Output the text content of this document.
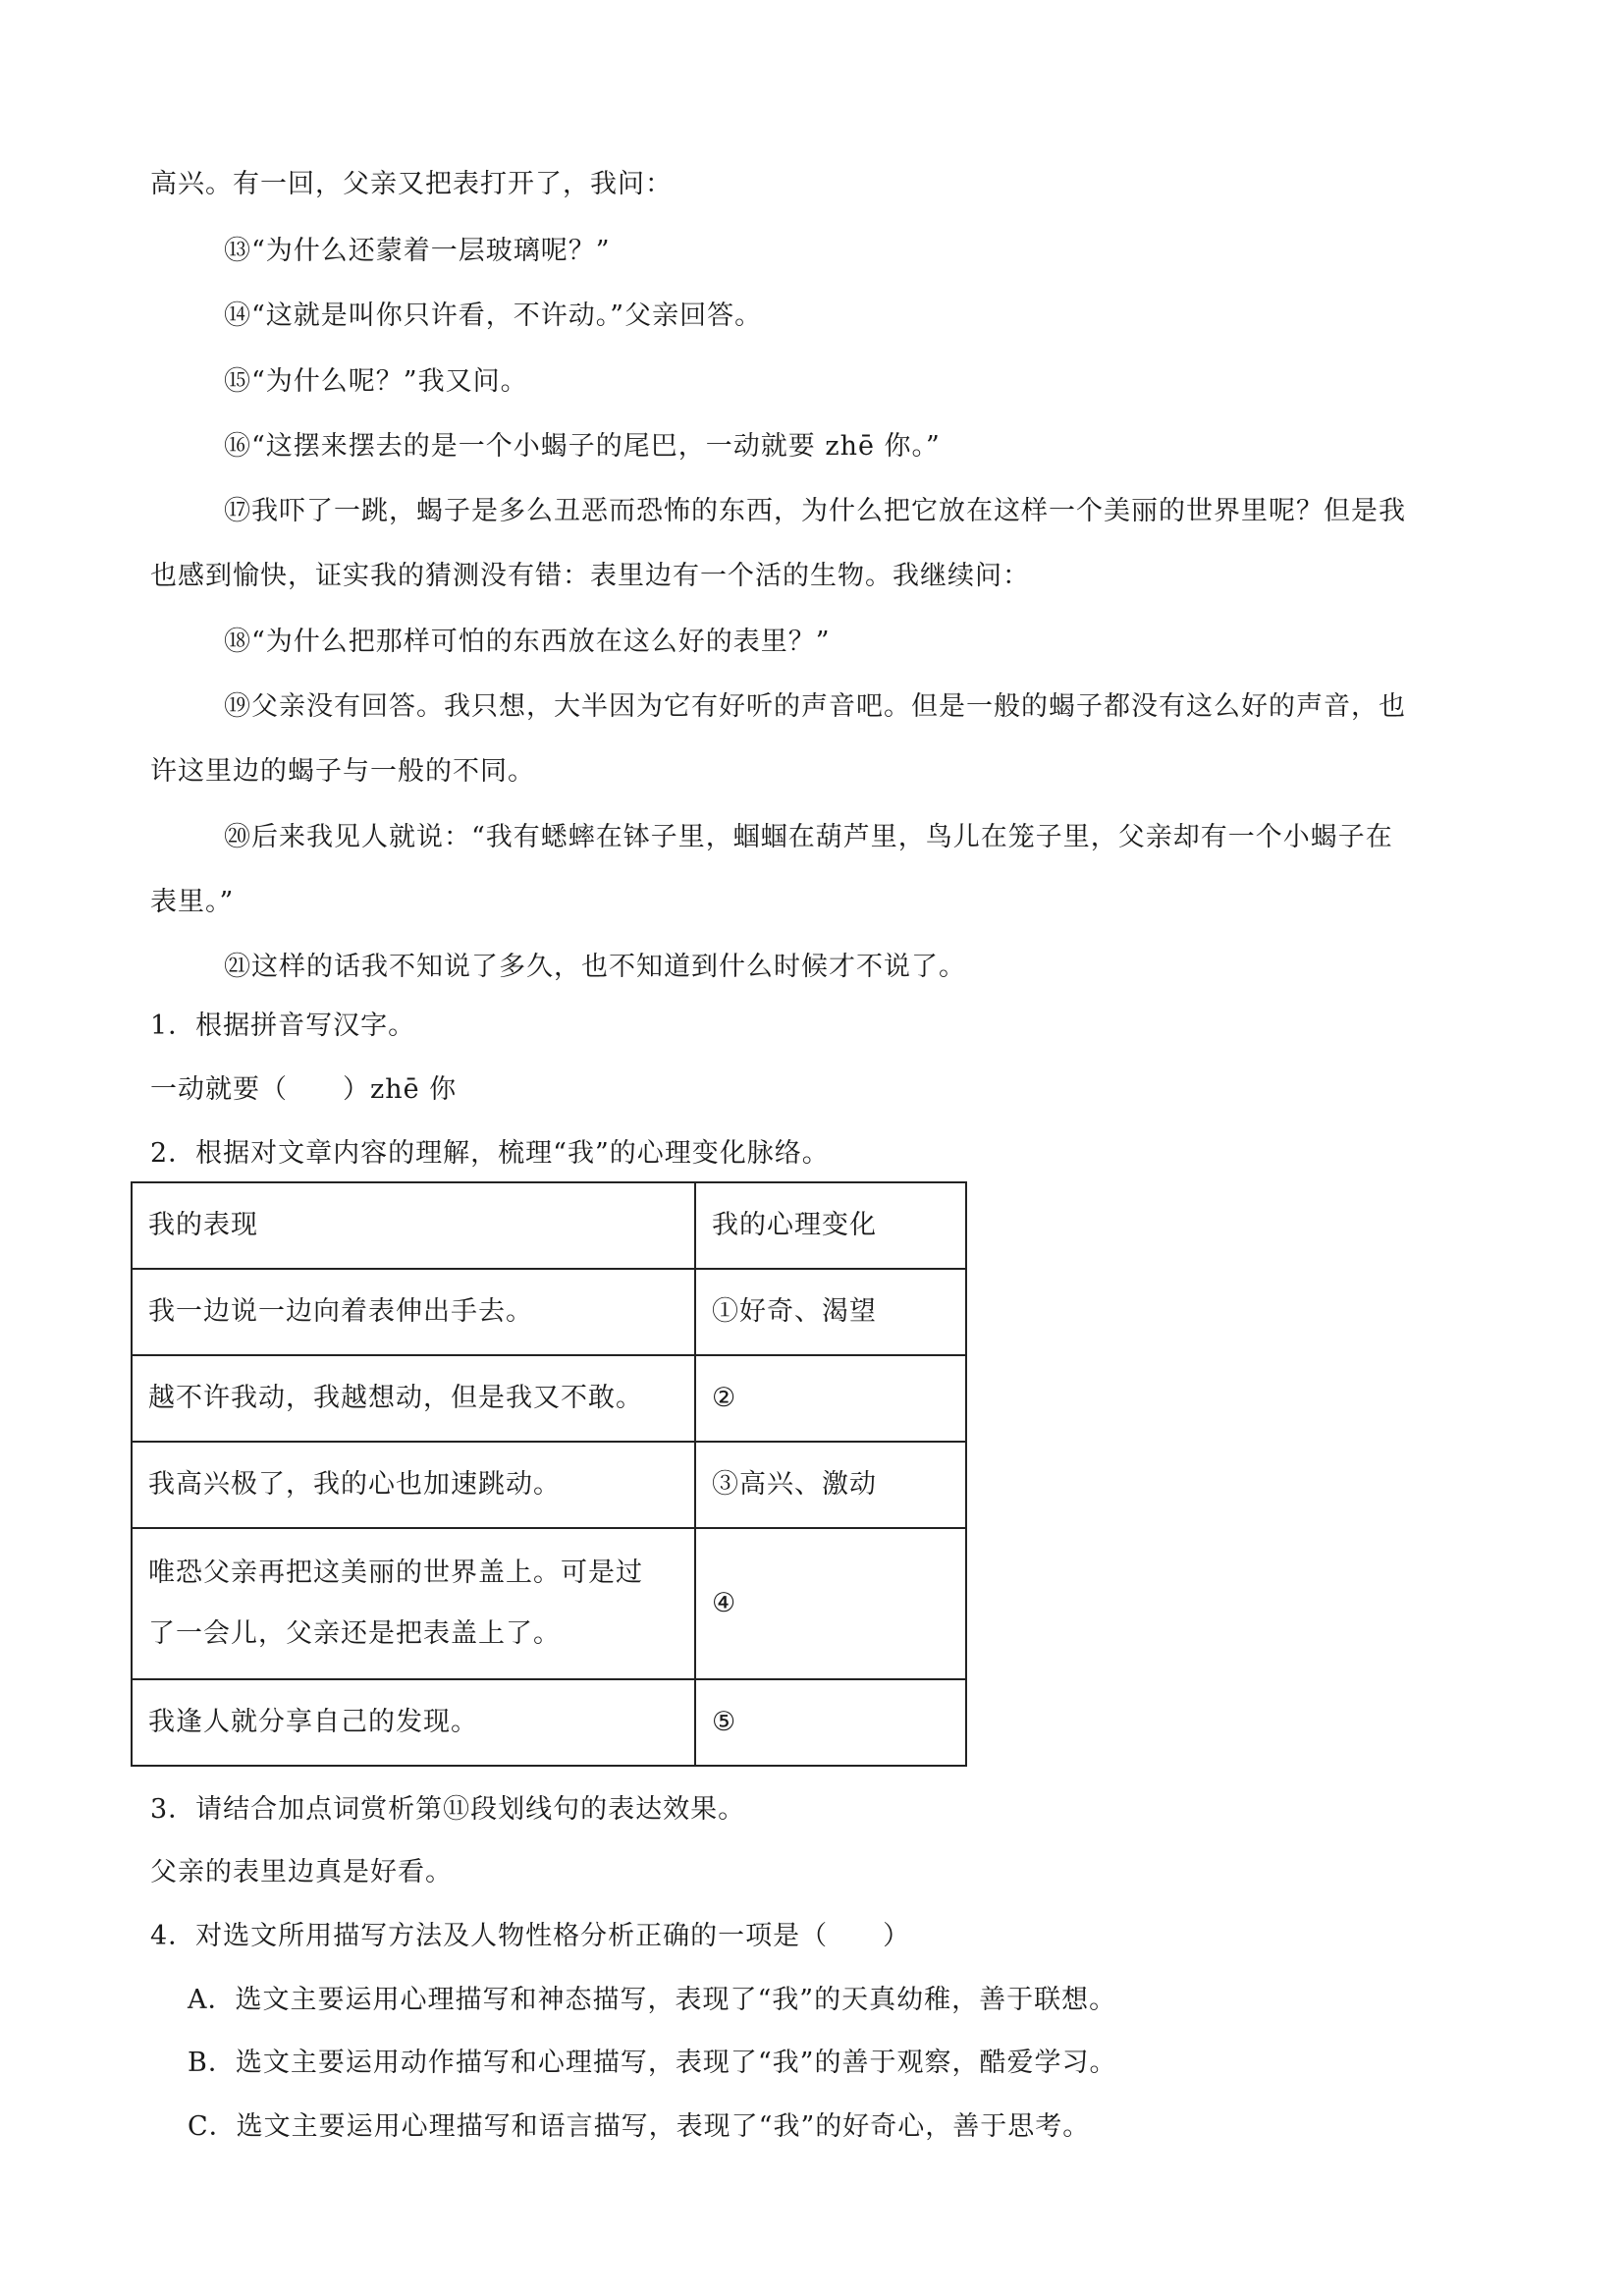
高兴。有一回，父亲又把表打开了，我问：
⑬“为什么还蒙着一层玻璃呢？”
⑭“这就是叫你只许看，不许动。”父亲回答。
⑮“为什么呢？”我又问。
⑯“这摆来摆去的是一个小蝎子的尾巴，一动就要 zhē 你。”
⑰我吓了一跳，蝎子是多么丑恶而恐怖的东西，为什么把它放在这样一个美丽的世界里呢？但是我
也感到愉快，证实我的猜测没有错：表里边有一个活的生物。我继续问：
⑱“为什么把那样可怕的东西放在这么好的表里？”
⑲父亲没有回答。我只想，大半因为它有好听的声音吧。但是一般的蝎子都没有这么好的声音，也
许这里边的蝎子与一般的不同。
⑳后来我见人就说：“我有蟋蟀在钵子里，蝈蝈在葫芦里，鸟儿在笼子里，父亲却有一个小蝎子在
表里。”
㉑这样的话我不知说了多久，也不知道到什么时候才不说了。
1．根据拼音写汉字。
一动就要（　　）zhē 你
2．根据对文章内容的理解，梳理“我”的心理变化脉络。
我的表现	我的心理变化
我一边说一边向着表伸出手去。	①好奇、渴望
越不许我动，我越想动，但是我又不敢。	②
我高兴极了，我的心也加速跳动。	③高兴、激动

唯恐父亲再把这美丽的世界盖上。可是过
了一会儿，父亲还是把表盖上了。	④
我逢人就分享自己的发现。	⑤
3．请结合加点词赏析第⑪段划线句的表达效果。
父亲的表里边真是好看。
4．对选文所用描写方法及人物性格分析正确的一项是（　　）
A．选文主要运用心理描写和神态描写，表现了“我”的天真幼稚，善于联想。
B．选文主要运用动作描写和心理描写，表现了“我”的善于观察，酷爱学习。
C．选文主要运用心理描写和语言描写，表现了“我”的好奇心，善于思考。
